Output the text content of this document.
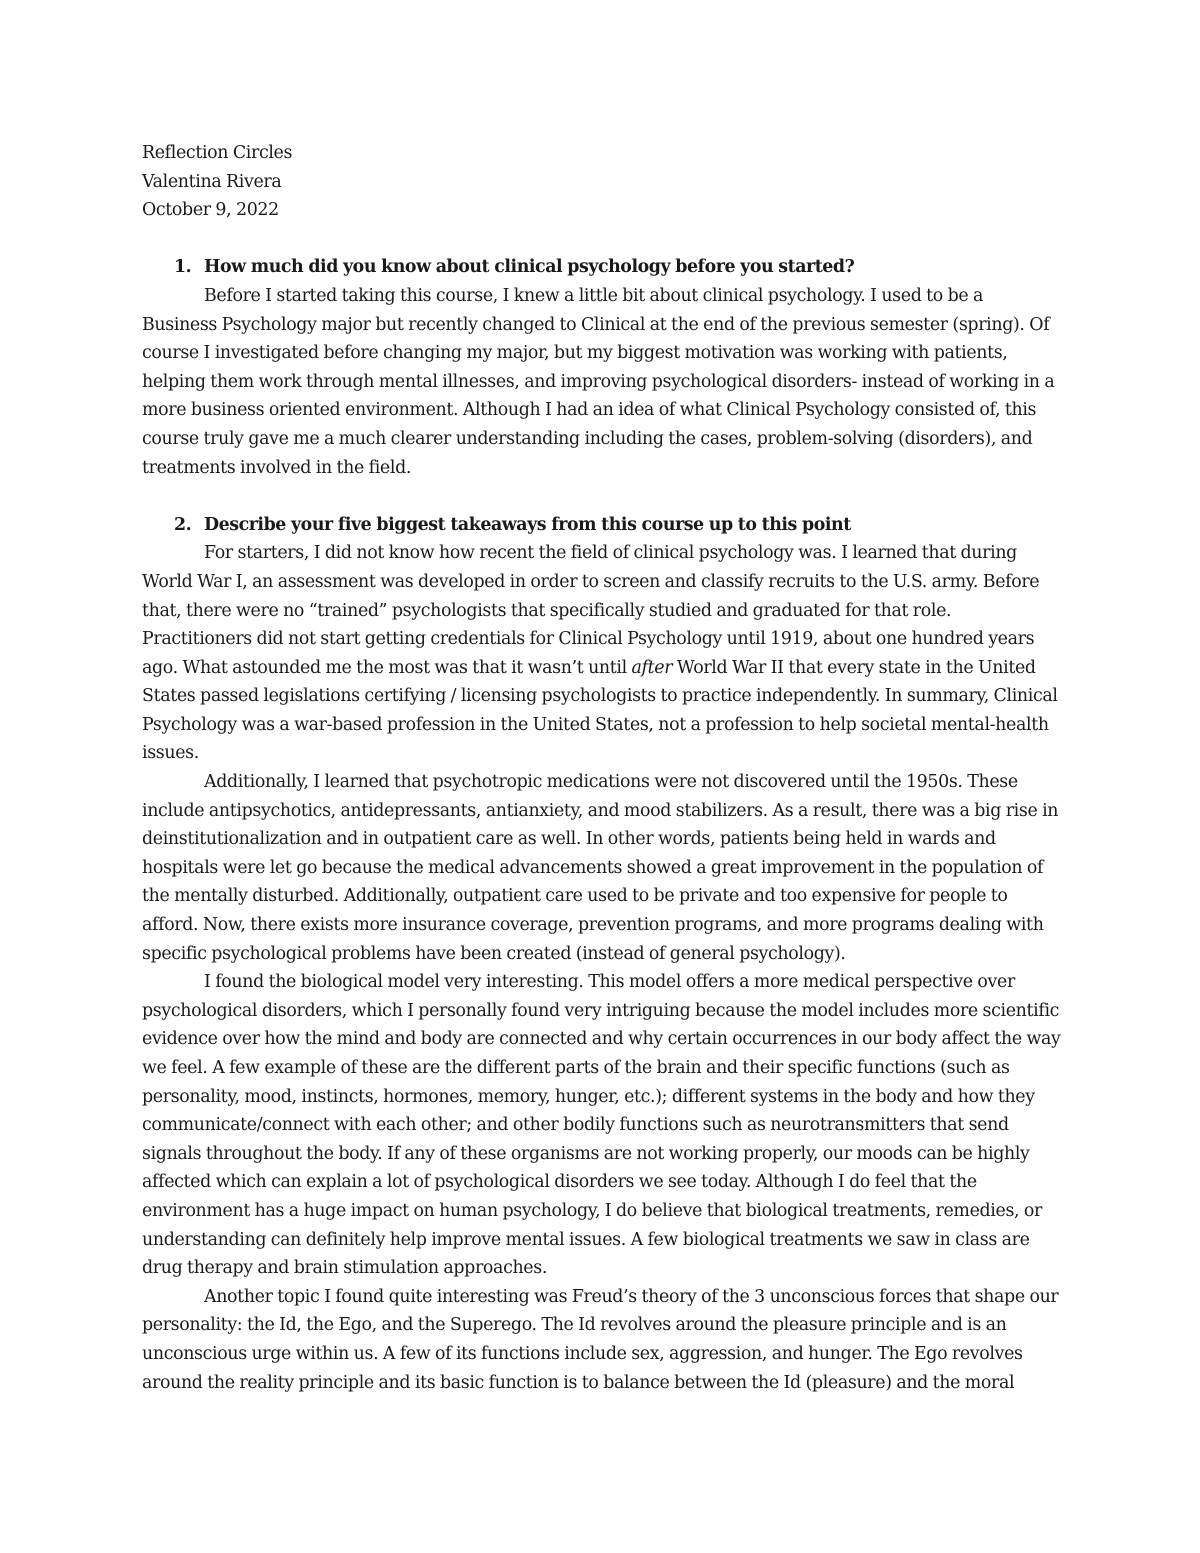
Reflection Circles
Valentina Rivera
October 9, 2022
1. How much did you know about clinical psychology before you started?

Before I started taking this course, I knew a little bit about clinical psychology. I used to be a Business Psychology major but recently changed to Clinical at the end of the previous semester (spring). Of course I investigated before changing my major, but my biggest motivation was working with patients, helping them work through mental illnesses, and improving psychological disorders- instead of working in a more business oriented environment. Although I had an idea of what Clinical Psychology consisted of, this course truly gave me a much clearer understanding including the cases, problem-solving (disorders), and treatments involved in the field.

2. Describe your five biggest takeaways from this course up to this point

For starters, I did not know how recent the field of clinical psychology was. I learned that during World War I, an assessment was developed in order to screen and classify recruits to the U.S. army. Before that, there were no “trained” psychologists that specifically studied and graduated for that role. Practitioners did not start getting credentials for Clinical Psychology until 1919, about one hundred years ago. What astounded me the most was that it wasn’t until after World War II that every state in the United States passed legislations certifying / licensing psychologists to practice independently. In summary, Clinical Psychology was a war-based profession in the United States, not a profession to help societal mental-health issues.

Additionally, I learned that psychotropic medications were not discovered until the 1950s. These include antipsychotics, antidepressants, antianxiety, and mood stabilizers. As a result, there was a big rise in deinstitutionalization and in outpatient care as well. In other words, patients being held in wards and hospitals were let go because the medical advancements showed a great improvement in the population of the mentally disturbed. Additionally, outpatient care used to be private and too expensive for people to afford. Now, there exists more insurance coverage, prevention programs, and more programs dealing with specific psychological problems have been created (instead of general psychology).

I found the biological model very interesting. This model offers a more medical perspective over psychological disorders, which I personally found very intriguing because the model includes more scientific evidence over how the mind and body are connected and why certain occurrences in our body affect the way we feel. A few example of these are the different parts of the brain and their specific functions (such as personality, mood, instincts, hormones, memory, hunger, etc.); different systems in the body and how they communicate/connect with each other; and other bodily functions such as neurotransmitters that send signals throughout the body. If any of these organisms are not working properly, our moods can be highly affected which can explain a lot of psychological disorders we see today. Although I do feel that the environment has a huge impact on human psychology, I do believe that biological treatments, remedies, or understanding can definitely help improve mental issues. A few biological treatments we saw in class are drug therapy and brain stimulation approaches.

Another topic I found quite interesting was Freud’s theory of the 3 unconscious forces that shape our personality: the Id, the Ego, and the Superego. The Id revolves around the pleasure principle and is an unconscious urge within us. A few of its functions include sex, aggression, and hunger. The Ego revolves around the reality principle and its basic function is to balance between the Id (pleasure) and the moral
